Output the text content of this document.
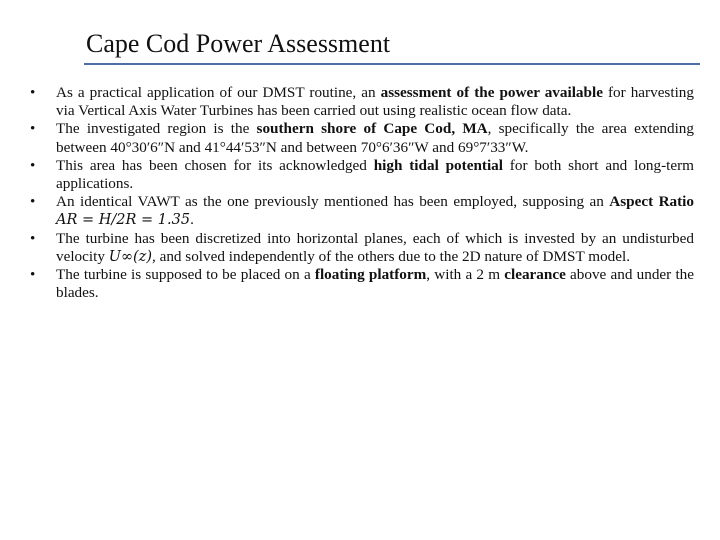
Cape Cod Power Assessment
•	As a practical application of our DMST routine, an assessment of the power available for harvesting via Vertical Axis Water Turbines has been carried out using realistic ocean flow data.
•	The investigated region is the southern shore of Cape Cod, MA, specifically the area extending between 40°30′6″N and 41°44′53″N and between 70°6′36″W and 69°7′33″W.
•	This area has been chosen for its acknowledged high tidal potential for both short and long-term applications.
•	An identical VAWT as the one previously mentioned has been employed, supposing an Aspect Ratio AR = H/2R = 1.35.
•	The turbine has been discretized into horizontal planes, each of which is invested by an undisturbed velocity U∞(z), and solved independently of the others due to the 2D nature of DMST model.
•	The turbine is supposed to be placed on a floating platform, with a 2 m clearance above and under the blades.
